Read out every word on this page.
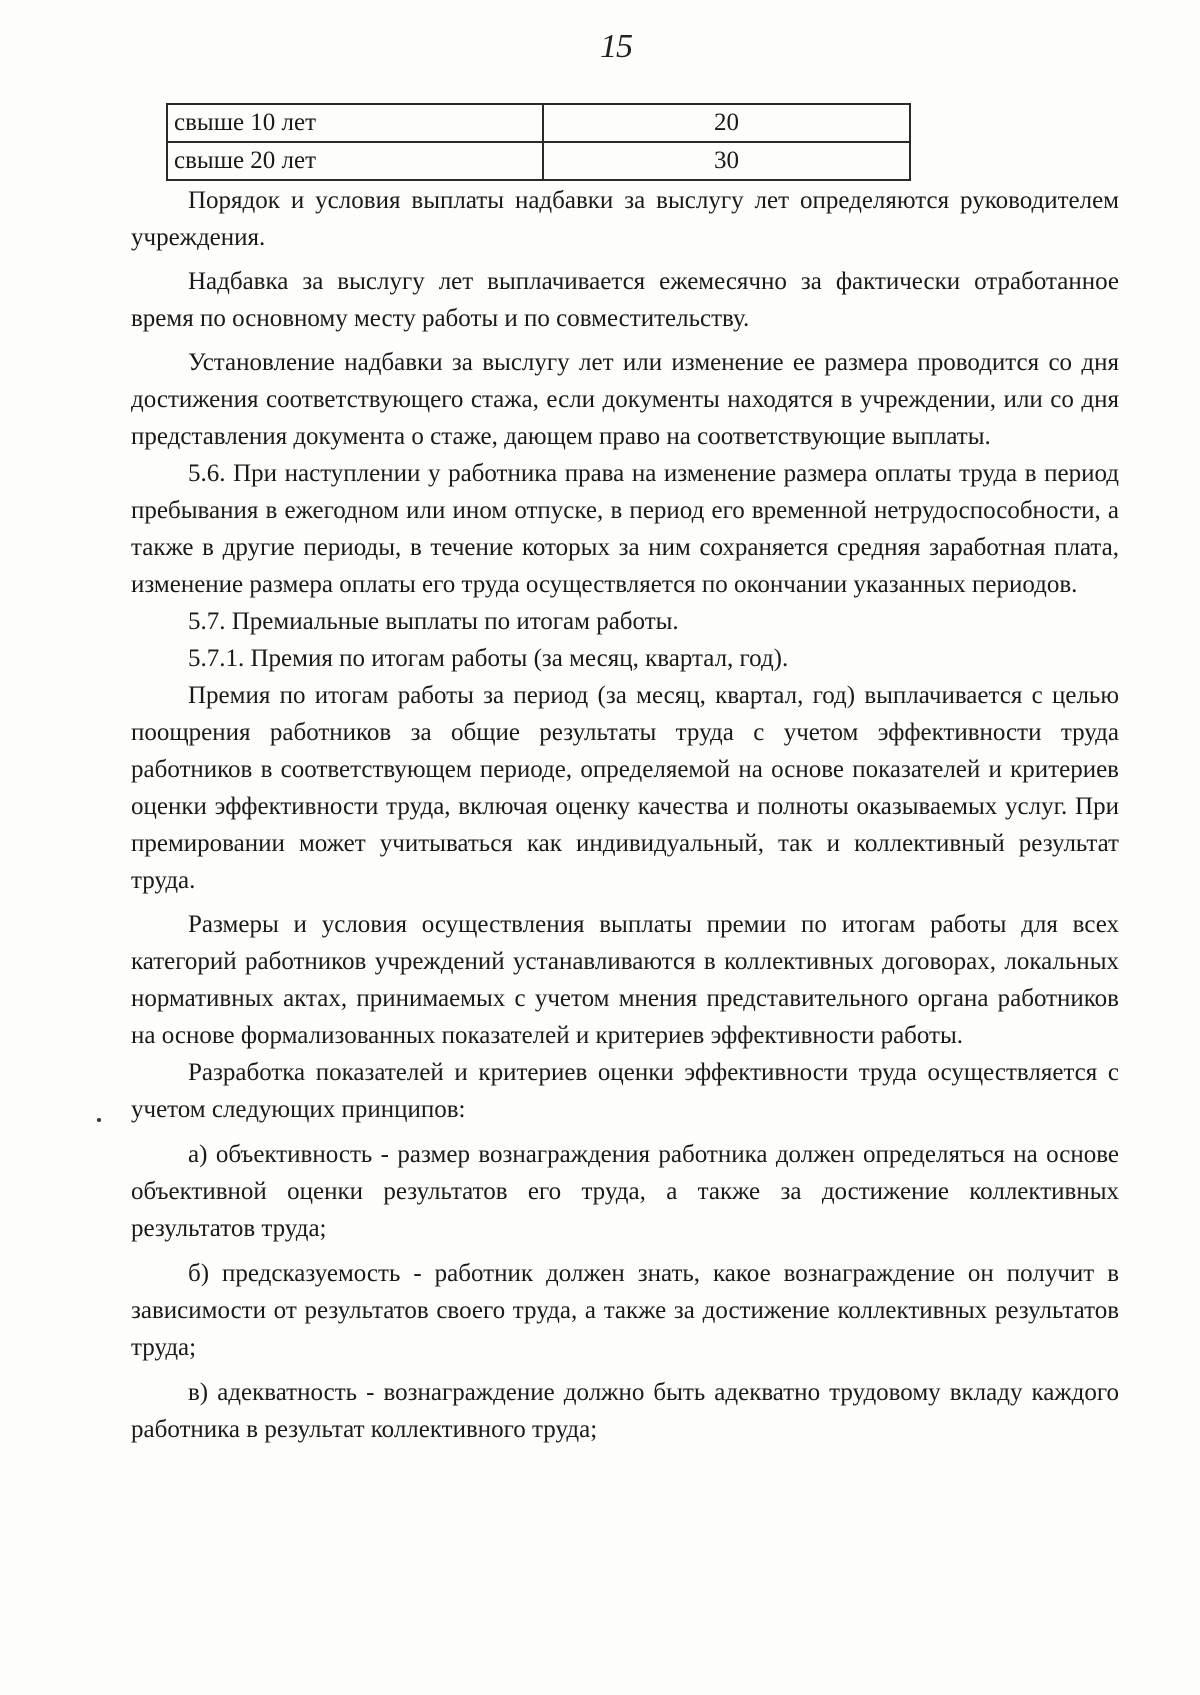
15
свыше 10 лет	20
свыше 20 лет	30

Порядок и условия выплаты надбавки за выслугу лет определяются руководителем учреждения.

Надбавка за выслугу лет выплачивается ежемесячно за фактически отработанное время по основному месту работы и по совместительству.

Установление надбавки за выслугу лет или изменение ее размера проводится со дня достижения соответствующего стажа, если документы находятся в учреждении, или со дня представления документа о стаже, дающем право на соответствующие выплаты.

5.6. При наступлении у работника права на изменение размера оплаты труда в период пребывания в ежегодном или ином отпуске, в период его временной нетрудоспособности, а также в другие периоды, в течение которых за ним сохраняется средняя заработная плата, изменение размера оплаты его труда осуществляется по окончании указанных периодов.

5.7. Премиальные выплаты по итогам работы.

5.7.1. Премия по итогам работы (за месяц, квартал, год).

Премия по итогам работы за период (за месяц, квартал, год) выплачивается с целью поощрения работников за общие результаты труда с учетом эффективности труда работников в соответствующем периоде, определяемой на основе показателей и критериев оценки эффективности труда, включая оценку качества и полноты оказываемых услуг. При премировании может учитываться как индивидуальный, так и коллективный результат труда.

Размеры и условия осуществления выплаты премии по итогам работы для всех категорий работников учреждений устанавливаются в коллективных договорах, локальных нормативных актах, принимаемых с учетом мнения представительного органа работников на основе формализованных показателей и критериев эффективности работы.

Разработка показателей и критериев оценки эффективности труда осуществляется с учетом следующих принципов:

а) объективность - размер вознаграждения работника должен определяться на основе объективной оценки результатов его труда, а также за достижение коллективных результатов труда;

б) предсказуемость - работник должен знать, какое вознаграждение он получит в зависимости от результатов своего труда, а также за достижение коллективных результатов труда;

в) адекватность - вознаграждение должно быть адекватно трудовому вкладу каждого работника в результат коллективного труда;
